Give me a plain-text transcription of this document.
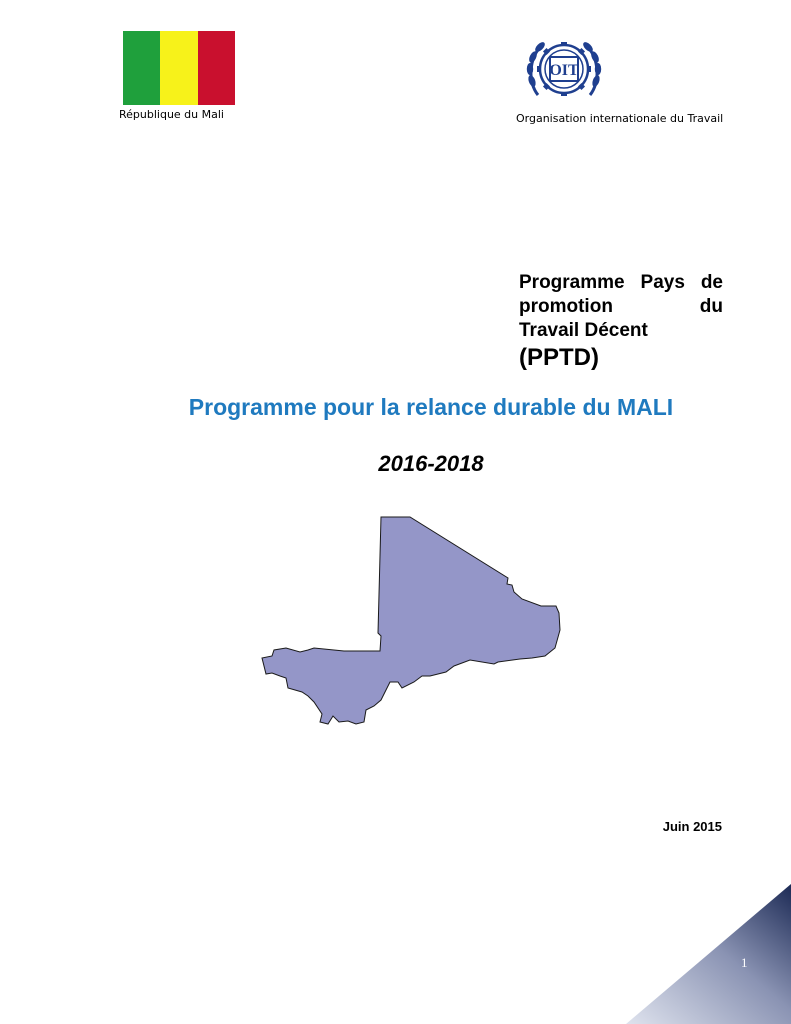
République du Mali
OIT
Organisation internationale du Travail
Programme Pays de
promotion du
Travail Décent
(PPTD)
Programme pour la relance durable du MALI
2016-2018
Juin 2015
1
